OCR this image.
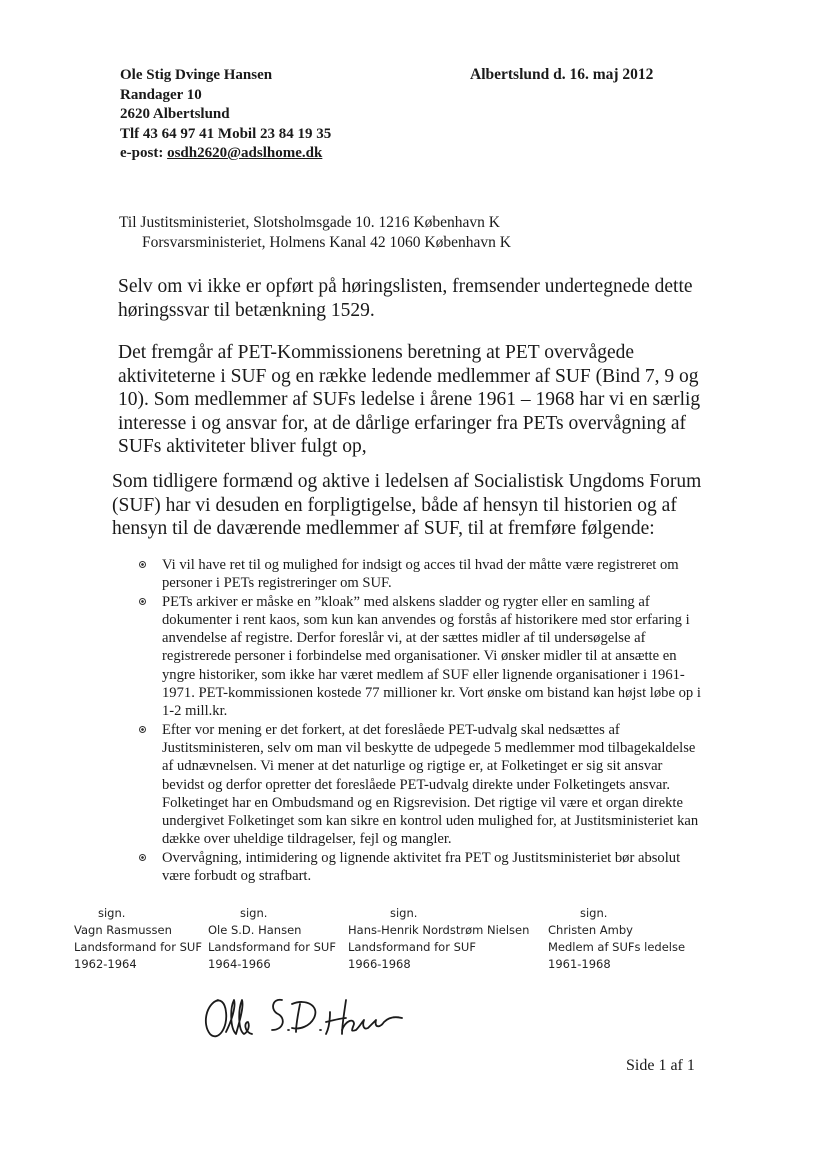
Ole Stig Dvinge Hansen
Randager 10
2620 Albertslund
Tlf 43 64 97 41 Mobil 23 84 19 35
e-post: osdh2620@adslhome.dk
Albertslund d. 16. maj 2012
Til Justitsministeriet, Slotsholmsgade 10. 1216 København K
Forsvarsministeriet, Holmens Kanal 42 1060 København K
Selv om vi ikke er opført på høringslisten, fremsender undertegnede dette høringssvar til betænkning 1529.
Det fremgår af PET-Kommissionens beretning at PET overvågede aktiviteterne i SUF og en række ledende medlemmer af SUF (Bind 7, 9 og 10). Som medlemmer af SUFs ledelse i årene 1961 – 1968 har vi en særlig interesse i og ansvar for, at de dårlige erfaringer fra PETs overvågning af SUFs aktiviteter bliver fulgt op,
Som tidligere formænd og aktive i ledelsen af Socialistisk Ungdoms Forum (SUF) har vi desuden en forpligtigelse, både af hensyn til historien og af hensyn til de daværende medlemmer af SUF, til at fremføre følgende:
Vi vil have ret til og mulighed for indsigt og acces til hvad der måtte være registreret om personer i PETs registreringer om SUF.
PETs arkiver er måske en ”kloak” med alskens sladder og rygter eller en samling af dokumenter i rent kaos, som kun kan anvendes og forstås af historikere med stor erfaring i anvendelse af registre. Derfor foreslår vi, at der sættes midler af til undersøgelse af registrerede personer i forbindelse med organisationer. Vi ønsker midler til at ansætte en yngre historiker, som ikke har været medlem af SUF eller lignende organisationer i 1961-1971. PET-kommissionen kostede 77 millioner kr. Vort ønske om bistand kan højst løbe op i 1-2 mill.kr.
Efter vor mening er det forkert, at det foreslåede PET-udvalg skal nedsættes af Justitsministeren, selv om man vil beskytte de udpegede 5 medlemmer mod tilbagekaldelse af udnævnelsen. Vi mener at det naturlige og rigtige er, at Folketinget er sig sit ansvar bevidst og derfor opretter det foreslåede PET-udvalg direkte under Folketingets ansvar. Folketinget har en Ombudsmand og en Rigsrevision. Det rigtige vil være et organ direkte undergivet Folketinget som kan sikre en kontrol uden mulighed for, at Justitsministeriet kan dække over uheldige tildragelser, fejl og mangler.
Overvågning, intimidering og lignende aktivitet fra PET og Justitsministeriet bør absolut være forbudt og strafbart.
sign.
Vagn Rasmussen
Landsformand for SUF
1962-1964
sign.
Ole S.D. Hansen
Landsformand for SUF
1964-1966
sign.
Hans-Henrik Nordstrøm Nielsen
Landsformand for SUF
1966-1968
sign.
Christen Amby
Medlem af SUFs ledelse
1961-1968
Side 1 af 1
